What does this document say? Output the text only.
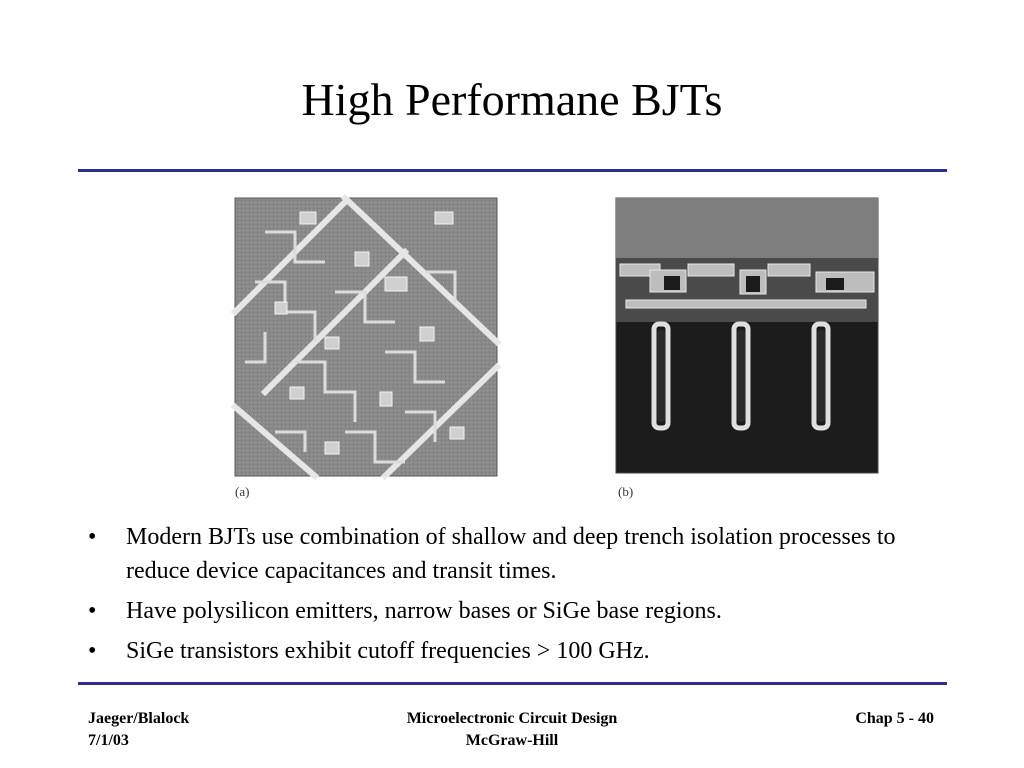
High Performane BJTs
(a)	(b)
• Modern BJTs use combination of shallow and deep trench isolation processes to reduce device capacitances and transit times.
• Have polysilicon emitters, narrow bases or SiGe base regions.
• SiGe transistors exhibit cutoff frequencies > 100 GHz.
Jaeger/Blalock
7/1/03
Microelectronic Circuit Design
McGraw-Hill
Chap 5 - 40
